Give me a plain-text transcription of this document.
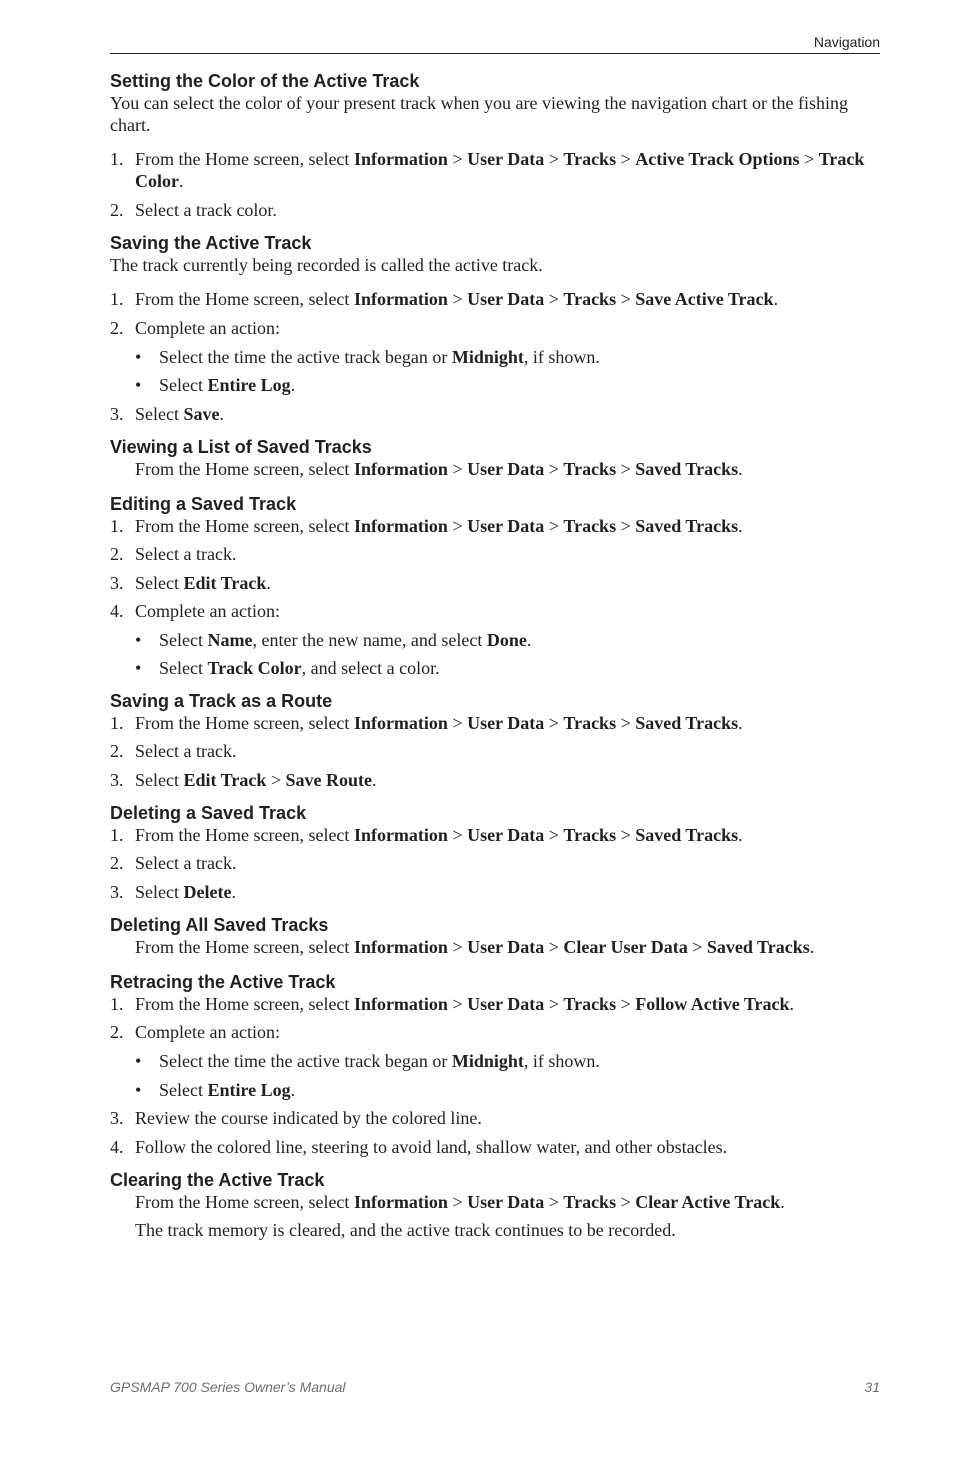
Navigation
Setting the Color of the Active Track

You can select the color of your present track when you are viewing the navigation chart or the fishing chart.

1. From the Home screen, select Information > User Data > Tracks > Active Track Options > Track Color.
2. Select a track color.
Saving the Active Track

The track currently being recorded is called the active track.

1. From the Home screen, select Information > User Data > Tracks > Save Active Track.
2. Complete an action:
• Select the time the active track began or Midnight, if shown.
• Select Entire Log.
3. Select Save.
Viewing a List of Saved Tracks

From the Home screen, select Information > User Data > Tracks > Saved Tracks.

Editing a Saved Track
1. From the Home screen, select Information > User Data > Tracks > Saved Tracks.
2. Select a track.
3. Select Edit Track.
4. Complete an action:
• Select Name, enter the new name, and select Done.
• Select Track Color, and select a color.
Saving a Track as a Route
1. From the Home screen, select Information > User Data > Tracks > Saved Tracks.
2. Select a track.
3. Select Edit Track > Save Route.
Deleting a Saved Track
1. From the Home screen, select Information > User Data > Tracks > Saved Tracks.
2. Select a track.
3. Select Delete.
Deleting All Saved Tracks

From the Home screen, select Information > User Data > Clear User Data > Saved Tracks.

Retracing the Active Track
1. From the Home screen, select Information > User Data > Tracks > Follow Active Track.
2. Complete an action:
• Select the time the active track began or Midnight, if shown.
• Select Entire Log.
3. Review the course indicated by the colored line.
4. Follow the colored line, steering to avoid land, shallow water, and other obstacles.
Clearing the Active Track

From the Home screen, select Information > User Data > Tracks > Clear Active Track.

The track memory is cleared, and the active track continues to be recorded.

GPSMAP 700 Series Owner’s Manual	31
